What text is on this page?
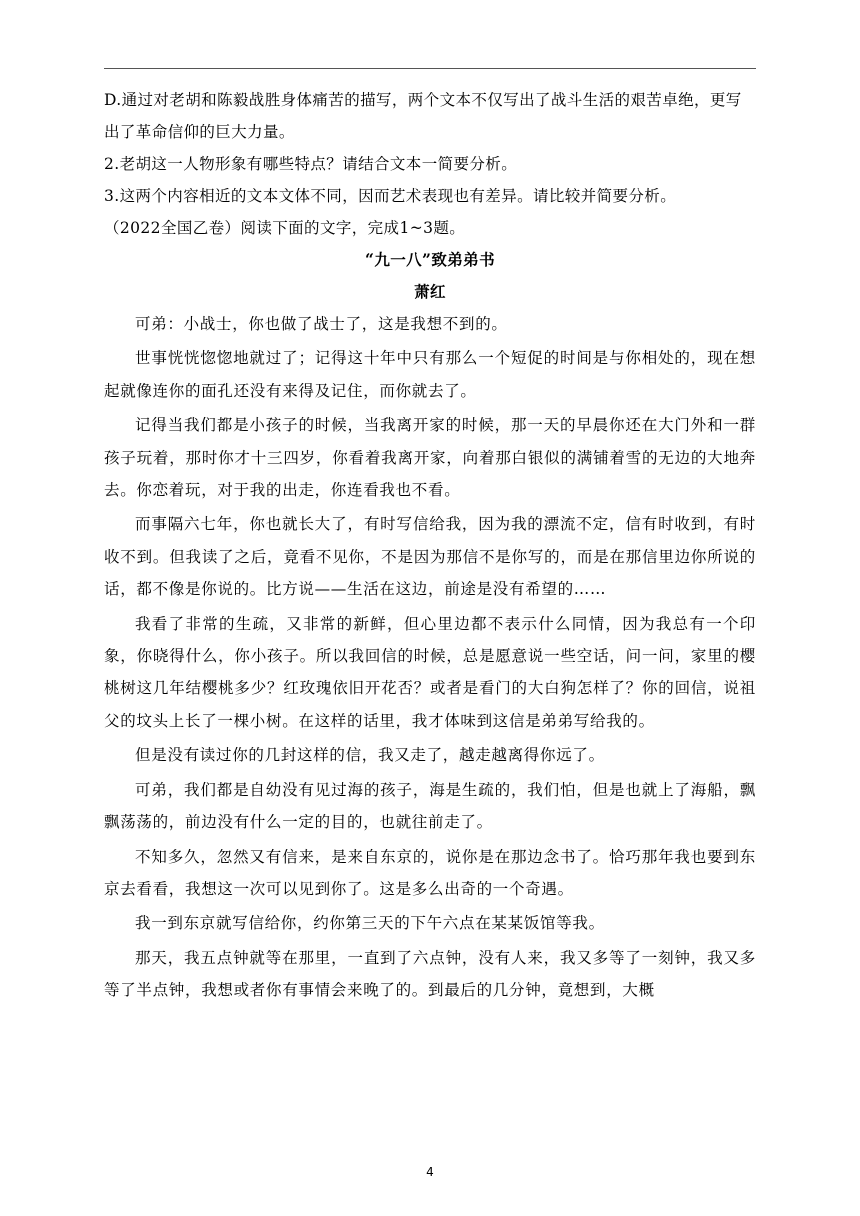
D.通过对老胡和陈毅战胜身体痛苦的描写，两个文本不仅写出了战斗生活的艰苦卓绝，更写出了革命信仰的巨大力量。

2.老胡这一人物形象有哪些特点？请结合文本一简要分析。

3.这两个内容相近的文本文体不同，因而艺术表现也有差异。请比较并简要分析。

（2022全国乙卷）阅读下面的文字，完成1~3题。

“九一八”致弟弟书
萧红

可弟：小战士，你也做了战士了，这是我想不到的。

世事恍恍惚惚地就过了；记得这十年中只有那么一个短促的时间是与你相处的，现在想起就像连你的面孔还没有来得及记住，而你就去了。

记得当我们都是小孩子的时候，当我离开家的时候，那一天的早晨你还在大门外和一群孩子玩着，那时你才十三四岁，你看着我离开家，向着那白银似的满铺着雪的无边的大地奔去。你恋着玩，对于我的出走，你连看我也不看。

而事隔六七年，你也就长大了，有时写信给我，因为我的漂流不定，信有时收到，有时收不到。但我读了之后，竟看不见你，不是因为那信不是你写的，而是在那信里边你所说的话，都不像是你说的。比方说——生活在这边，前途是没有希望的……

我看了非常的生疏，又非常的新鲜，但心里边都不表示什么同情，因为我总有一个印象，你晓得什么，你小孩子。所以我回信的时候，总是愿意说一些空话，问一问，家里的樱桃树这几年结樱桃多少？红玫瑰依旧开花否？或者是看门的大白狗怎样了？你的回信，说祖父的坟头上长了一棵小树。在这样的话里，我才体味到这信是弟弟写给我的。

但是没有读过你的几封这样的信，我又走了，越走越离得你远了。

可弟，我们都是自幼没有见过海的孩子，海是生疏的，我们怕，但是也就上了海船，飘飘荡荡的，前边没有什么一定的目的，也就往前走了。

不知多久，忽然又有信来，是来自东京的，说你是在那边念书了。恰巧那年我也要到东京去看看，我想这一次可以见到你了。这是多么出奇的一个奇遇。

我一到东京就写信给你，约你第三天的下午六点在某某饭馆等我。

那天，我五点钟就等在那里，一直到了六点钟，没有人来，我又多等了一刻钟，我又多等了半点钟，我想或者你有事情会来晚了的。到最后的几分钟，竟想到，大概

4
